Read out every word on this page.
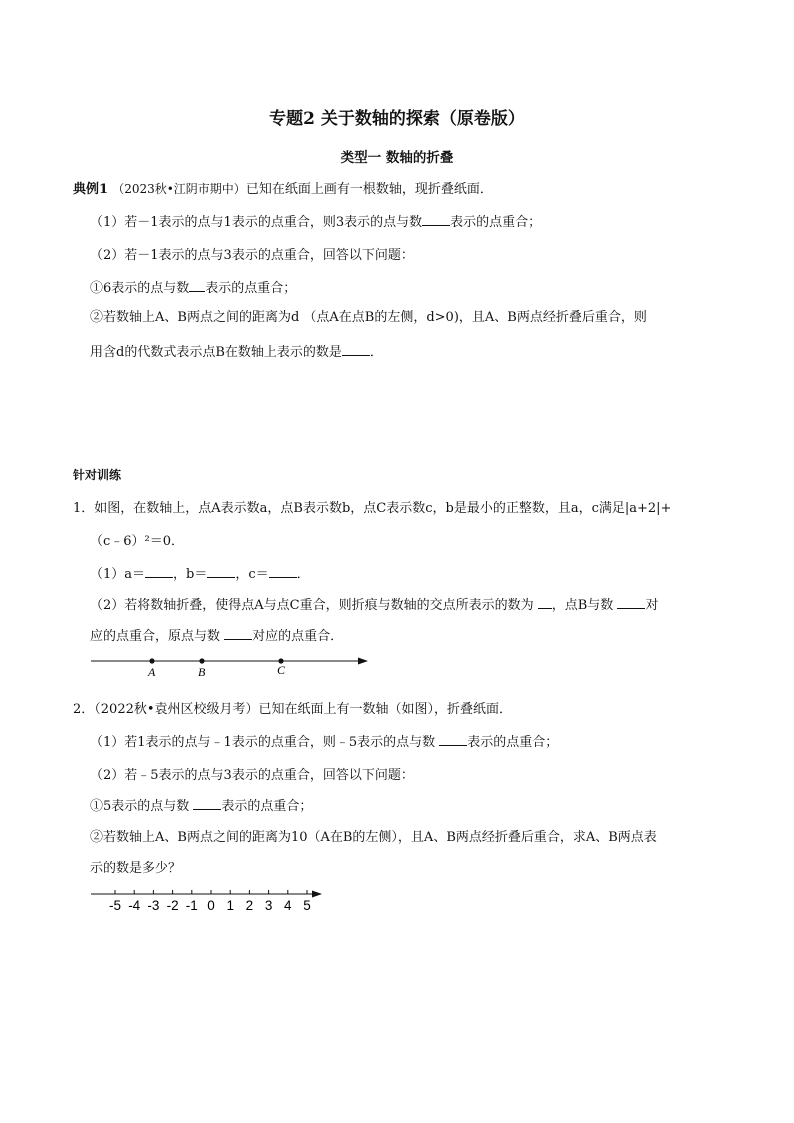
专题2 关于数轴的探索（原卷版）
类型一 数轴的折叠
典例1 （2023秋•江阴市期中）已知在纸面上画有一根数轴，现折叠纸面．
（1）若－1表示的点与1表示的点重合，则3表示的点与数 表示的点重合；
（2）若－1表示的点与3表示的点重合，回答以下问题：
①6表示的点与数 表示的点重合；
②若数轴上A、B两点之间的距离为d （点A在点B的左侧，d>0)，且A、B两点经折叠后重合，则
用含d的代数式表示点B在数轴上表示的数是 ．
针对训练
1．如图，在数轴上，点A表示数a，点B表示数b，点C表示数c，b是最小的正整数，且a，c满足|a+2|+
（c﹣6）²＝0．
（1）a＝ ，b＝ ，c＝ ．
（2）若将数轴折叠，使得点A与点C重合，则折痕与数轴的交点所表示的数为 ，点B与数 对
应的点重合，原点与数 对应的点重合．
A	B	C
2．（2022秋•袁州区校级月考）已知在纸面上有一数轴（如图），折叠纸面．
（1）若1表示的点与﹣1表示的点重合，则﹣5表示的点与数 表示的点重合；
（2）若﹣5表示的点与3表示的点重合，回答以下问题：
①5表示的点与数 表示的点重合；
②若数轴上A、B两点之间的距离为10（A在B的左侧），且A、B两点经折叠后重合，求A、B两点表
示的数是多少？
-5 -4 -3 -2 -1 0 1 2 3 4 5
